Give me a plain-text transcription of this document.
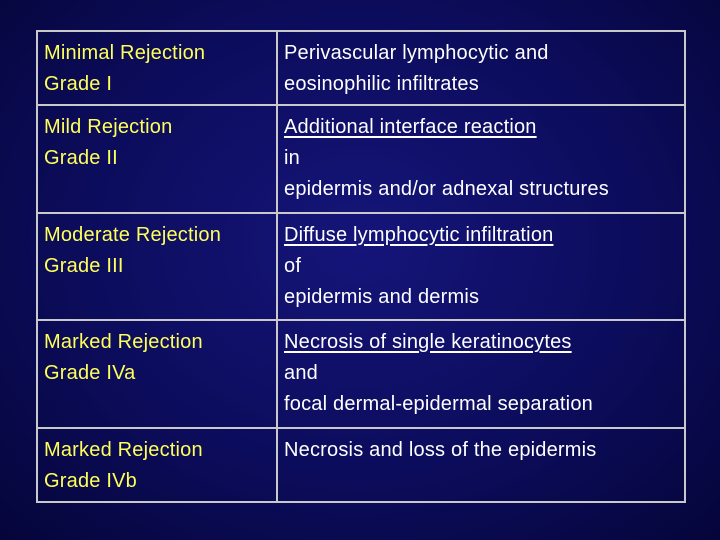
Minimal Rejection
Grade I	Perivascular lymphocytic and
eosinophilic infiltrates

Mild Rejection
Grade II	Additional interface reaction
in
epidermis and/or adnexal structures

Moderate Rejection
Grade III	Diffuse lymphocytic infiltration
of
epidermis and dermis

Marked Rejection
Grade IVa	Necrosis of single keratinocytes
and
focal dermal-epidermal separation

Marked Rejection
Grade IVb	Necrosis and loss of the epidermis
